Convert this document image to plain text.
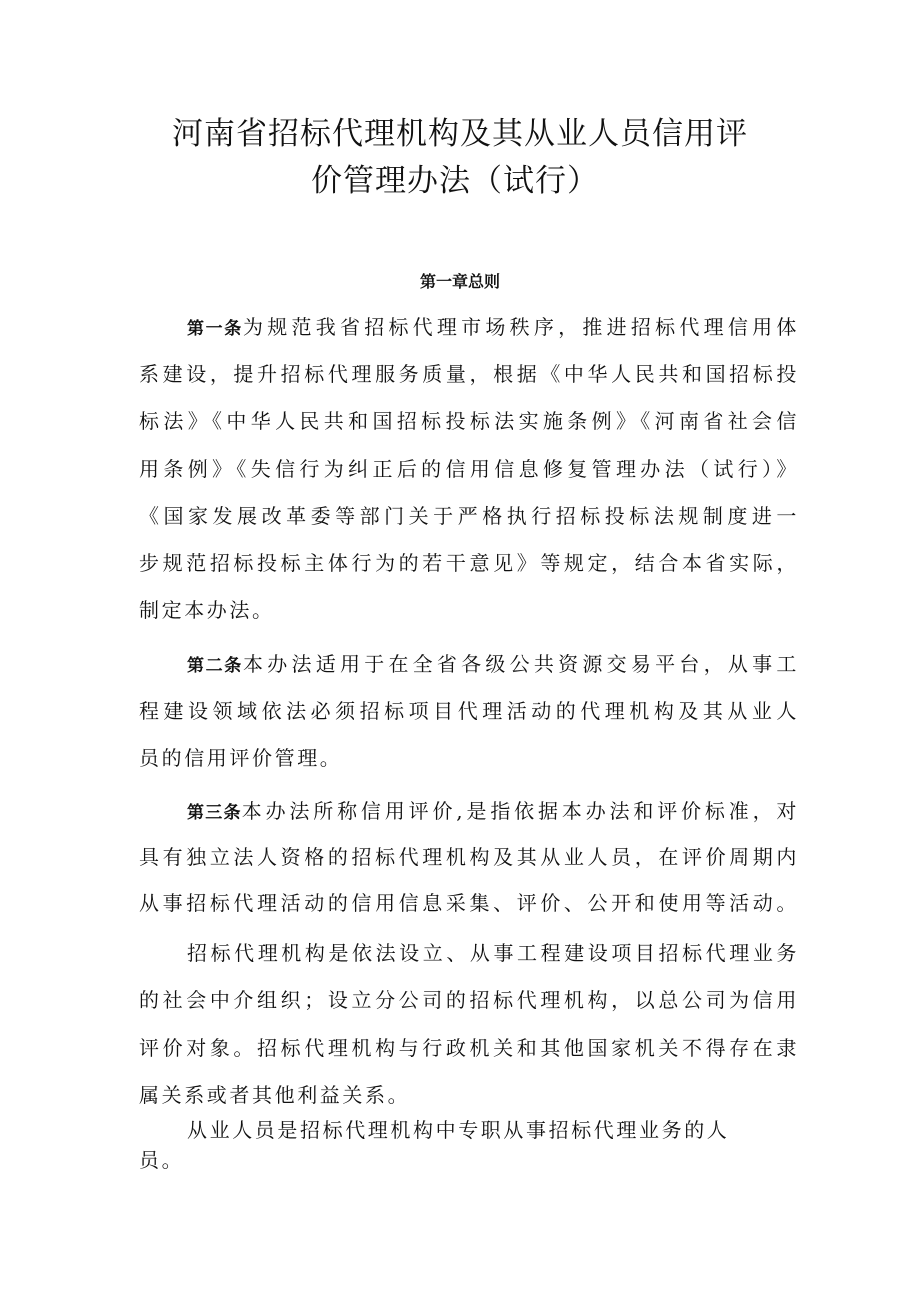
河南省招标代理机构及其从业人员信用评
价管理办法（试行）
第一章总则
第一条为规范我省招标代理市场秩序，推进招标代理信用体
系建设，提升招标代理服务质量，根据《中华人民共和国招标投
标法》《中华人民共和国招标投标法实施条例》《河南省社会信
用条例》《失信行为纠正后的信用信息修复管理办法（试行）》
《国家发展改革委等部门关于严格执行招标投标法规制度进一
步规范招标投标主体行为的若干意见》等规定，结合本省实际，
制定本办法。
第二条本办法适用于在全省各级公共资源交易平台，从事工
程建设领域依法必须招标项目代理活动的代理机构及其从业人
员的信用评价管理。
第三条本办法所称信用评价,是指依据本办法和评价标准，对
具有独立法人资格的招标代理机构及其从业人员，在评价周期内
从事招标代理活动的信用信息采集、评价、公开和使用等活动。
招标代理机构是依法设立、从事工程建设项目招标代理业务
的社会中介组织；设立分公司的招标代理机构，以总公司为信用
评价对象。招标代理机构与行政机关和其他国家机关不得存在隶
属关系或者其他利益关系。
从业人员是招标代理机构中专职从事招标代理业务的人
员。
